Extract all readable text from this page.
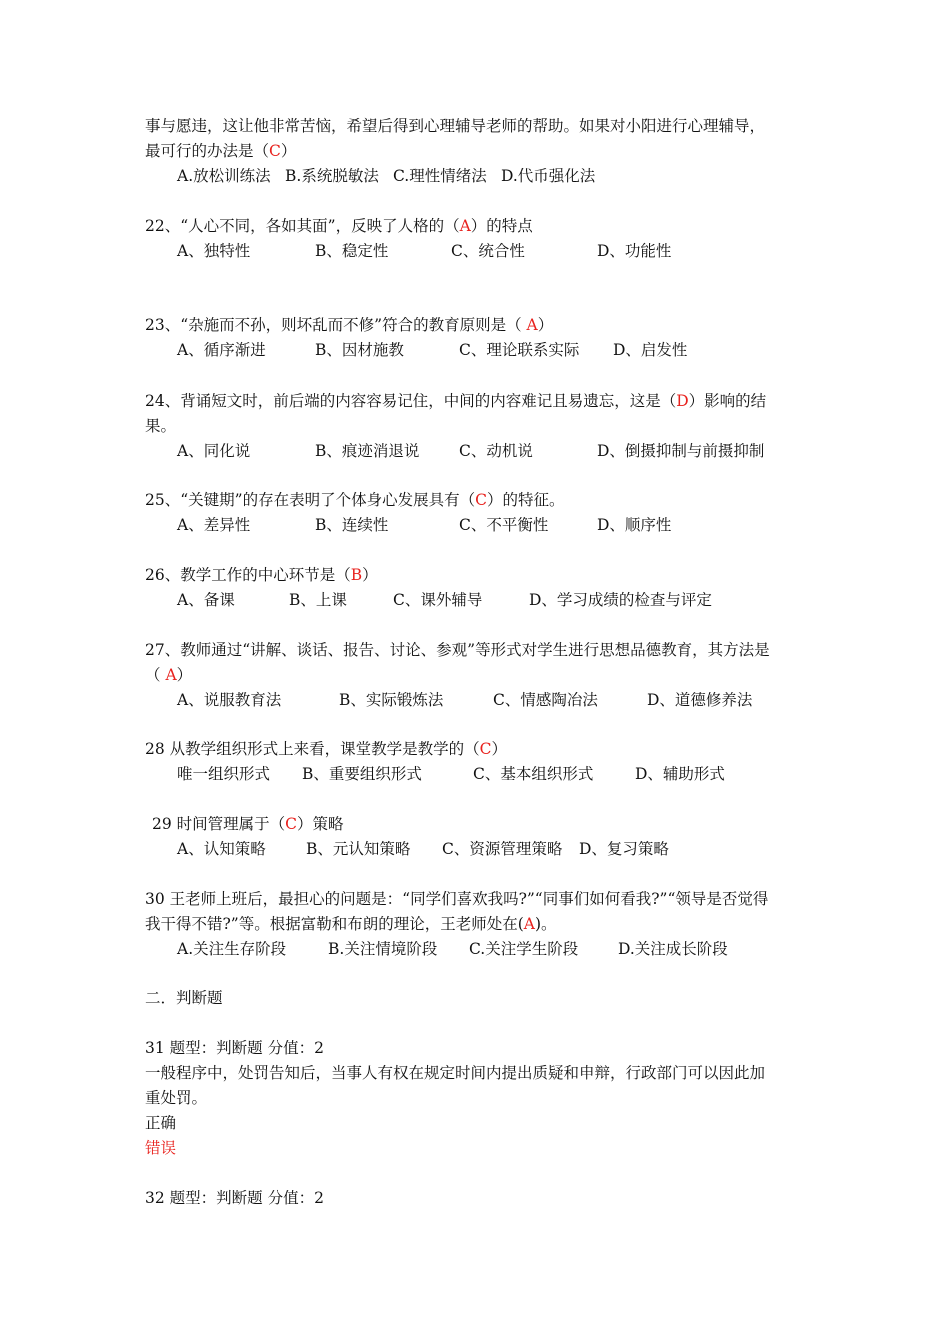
事与愿违，这让他非常苦恼，希望后得到心理辅导老师的帮助。如果对小阳进行心理辅导，
最可行的办法是（C）
A.放松训练法 B.系统脱敏法 C.理性情绪法 D.代币强化法
22、“人心不同，各如其面”，反映了人格的（A）的特点
A、独特性	B、稳定性	C、统合性	D、功能性
23、“杂施而不孙，则坏乱而不修”符合的教育原则是（ A）
A、循序渐进	B、因材施教	C、理论联系实际 D、启发性
24、背诵短文时，前后端的内容容易记住，中间的内容难记且易遗忘，这是（D）影响的结
果。
A、同化说	B、痕迹消退说	C、动机说	D、倒摄抑制与前摄抑制
25、“关键期”的存在表明了个体身心发展具有（C）的特征。
A、差异性	B、连续性	C、不平衡性	D、顺序性
26、教学工作的中心环节是（B）
A、备课	B、上课	C、课外辅导	D、学习成绩的检查与评定
27、教师通过“讲解、谈话、报告、讨论、参观”等形式对学生进行思想品德教育，其方法是
（ A）
A、说服教育法	B、实际锻炼法	C、情感陶冶法	D、道德修养法
28 从教学组织形式上来看，课堂教学是教学的（C）
唯一组织形式 B、重要组织形式	C、基本组织形式	D、辅助形式
29 时间管理属于（C）策略
A、认知策略	B、元认知策略 C、资源管理策略 D、复习策略
30 王老师上班后，最担心的问题是：“同学们喜欢我吗?”“同事们如何看我?”“领导是否觉得
我干得不错?”等。根据富勒和布朗的理论，王老师处在(A)。
A.关注生存阶段	B.关注情境阶段 C.关注学生阶段	D.关注成长阶段
二．判断题
31 题型：判断题 分值：2
一般程序中，处罚告知后，当事人有权在规定时间内提出质疑和申辩，行政部门可以因此加
重处罚。
正确
错误
32 题型：判断题 分值：2
